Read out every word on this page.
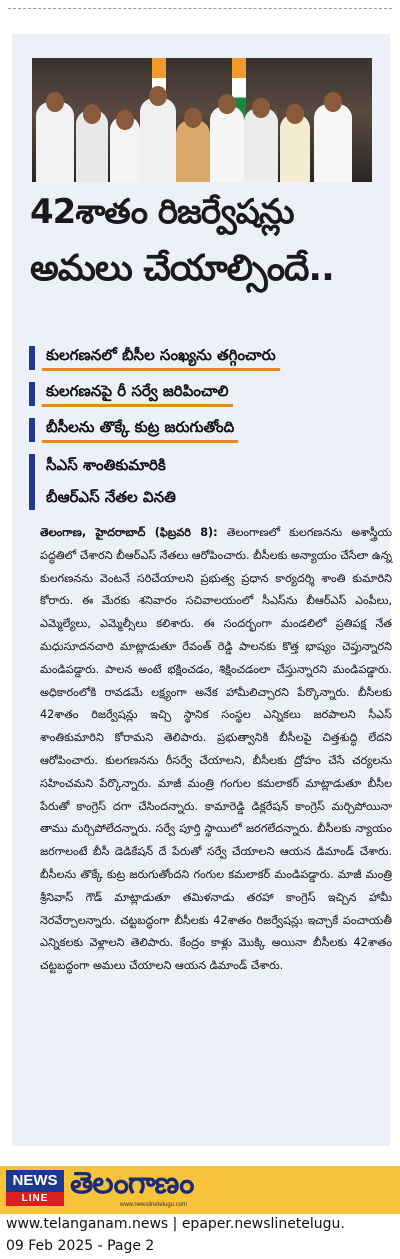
42శాతం రిజర్వేషన్లు
అమలు చేయాల్సిందే..
కులగణనలో బీసీల సంఖ్యను తగ్గించారు
కులగణనపై రీ సర్వే జరిపించాలి
బీసీలను తొక్కే కుట్ర జరుగుతోంది
సీఎస్ శాంతికుమారికి
బీఆర్ఎస్ నేతల వినతి
తెలంగాణ, హైదరాబాద్ (ఫిబ్రవరి 8): తెలంగాణలో కులగణనను అశాస్త్రీయ పద్ధతిలో చేశారని బీఆర్ఎస్ నేతలు ఆరోపించారు. బీసీలకు అన్యాయం చేసేలా ఉన్న కులగణనను వెంటనే సరిచేయాలని ప్రభుత్వ ప్రధాన కార్యదర్శి శాంతి కుమారిని కోరారు. ఈ మేరకు శనివారం సచివాలయంలో సీఎస్‌ను బీఆర్ఎస్ ఎంపీలు, ఎమ్మెల్యేలు, ఎమ్మెల్సీలు కలిశారు. ఈ సందర్భంగా మండలిలో ప్రతిపక్ష నేత మధుసూదనచారి మాట్లాడుతూ రేవంత్ రెడ్డి పాలనకు కొత్త భాష్యం చెప్తున్నారని మండిపడ్డారు. పాలన అంటే భక్షించడం, శిక్షించడంలా చేస్తున్నారని మండిపడ్డారు. అధికారంలోకి రావడమే లక్ష్యంగా అనేక హామీలిచ్చారని పేర్కొన్నారు. బీసీలకు 42శాతం రిజర్వేషన్లు ఇచ్చి స్థానిక సంస్థల ఎన్నికలు జరపాలని సీఎస్ శాంతికుమారిని కోరామని తెలిపారు. ప్రభుత్వానికి బీసీలపై చిత్తశుద్ధి లేదని ఆరోపించారు. కులగణనను రీసర్వే చేయాలని, బీసీలకు ద్రోహం చేసే చర్యలను సహించమని పేర్కొన్నారు. మాజీ మంత్రి గంగుల కమలాకర్ మాట్లాడుతూ బీసీల పేరుతో కాంగ్రెస్ దగా చేసిందన్నారు. కామారెడ్డి డిక్లరేషన్ కాంగ్రెస్ మర్చిపోయినా తాము మర్చిపోలేదన్నారు. సర్వే పూర్తి స్థాయిలో జరగలేదన్నారు. బీసీలకు న్యాయం జరగాలంటే బీసీ డెడికేషన్ దే పేరుతో సర్వే చేయాలని ఆయన డిమాండ్ చేశారు. బీసీలను తొక్కే కుట్ర జరుగుతోందని గంగుల కమలాకర్ మండిపడ్డారు. మాజీ మంత్రి శ్రీనివాస్ గౌడ్ మాట్లాడుతూ తమిళనాడు తరహా కాంగ్రెస్ ఇచ్చిన హామీ నెరవేర్చాలన్నారు. చట్టబద్ధంగా బీసీలకు 42శాతం రిజర్వేషన్లు ఇచ్చాకే పంచాయతీ ఎన్నికలకు వెళ్లాలని తెలిపారు. కేంద్రం కాళ్లు మొక్కి అయినా బీసీలకు 42శాతం చట్టబద్ధంగా అమలు చేయాలని ఆయన డిమాండ్ చేశారు.
NEWS
LINE తెలంగాణం
www.newslinetelugu.com
www.telanganam.news | epaper.newslinetelugu.
09 Feb 2025 - Page 2
